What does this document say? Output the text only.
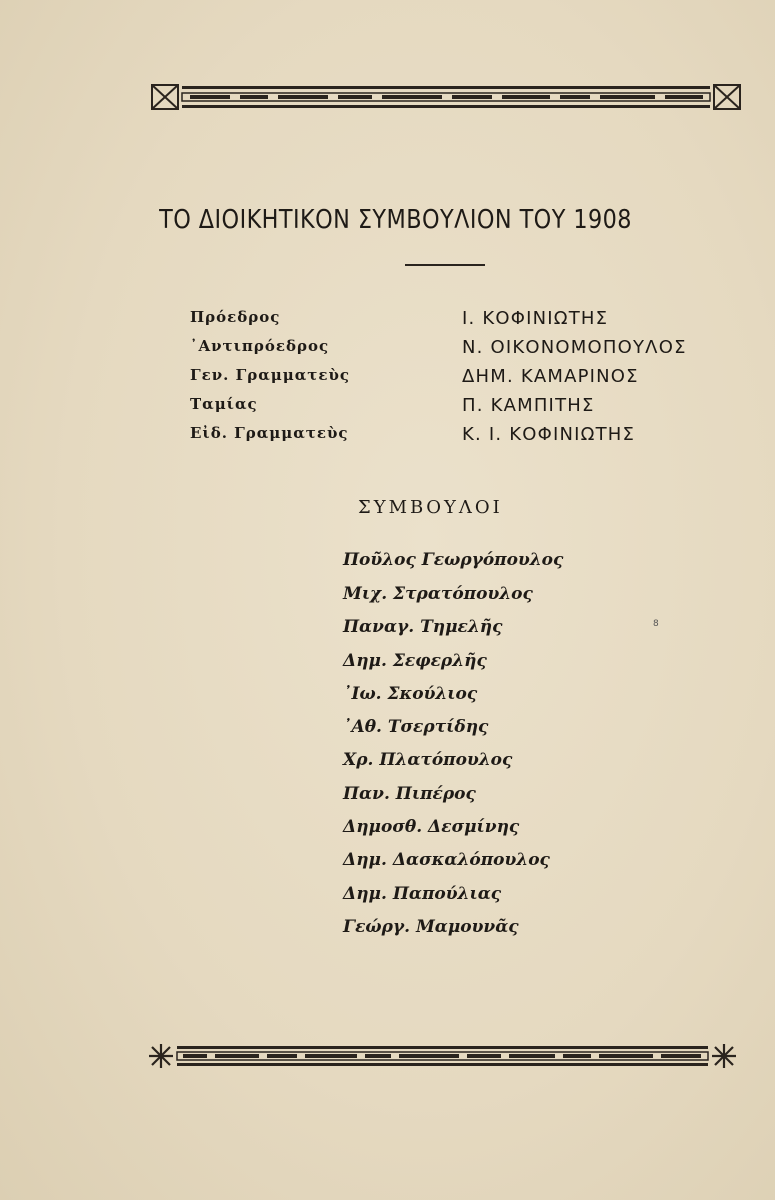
ΤΟ ΔΙΟΙΚΗΤΙΚΟΝ ΣΥΜΒΟΥΛΙΟΝ ΤΟΥ 1908
Πρόεδρος	Ι. ΚΟΦΙΝΙΩΤΗΣ
᾿Αντιπρόεδρος	Ν. ΟΙΚΟΝΟΜΟΠΟΥΛΟΣ
Γεν. Γραμματεὺς	ΔΗΜ. ΚΑΜΑΡΙΝΟΣ
Ταμίας	Π. ΚΑΜΠΙΤΗΣ
Εἰδ. Γραμματεὺς	Κ. Ι. ΚΟΦΙΝΙΩΤΗΣ
ΣΥΜΒΟΥΛΟΙ
Ποῦλος Γεωργόπουλος
Μιχ. Στρατόπουλος
Παναγ. Τημελῆς
Δημ. Σεφερλῆς
᾿Ιω. Σκούλιος
᾿Αθ. Τσερτίδης
Χρ. Πλατόπουλος
Παν. Πιπέρος
Δημοσθ. Δεσμίνης
Δημ. Δασκαλόπουλος
Δημ. Παπούλιας
Γεώργ. Μαμουνᾶς
8
